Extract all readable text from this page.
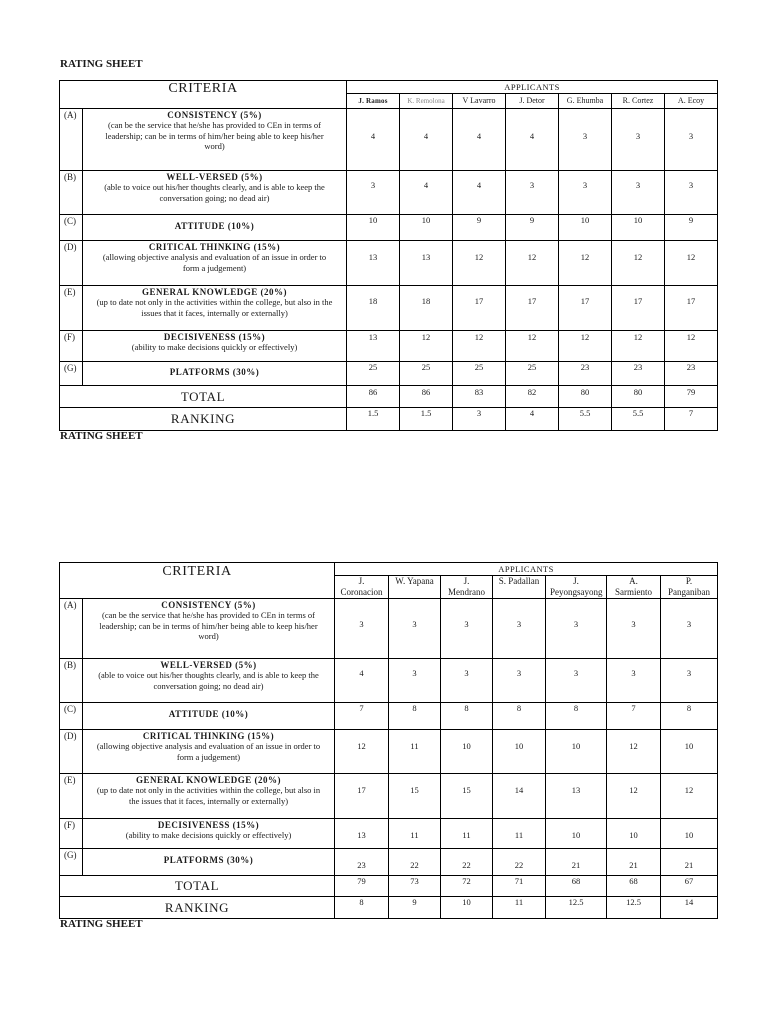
RATING SHEET
CRITERIA		APPLICANTS						
		J. Ramos	K. Remolona	V Lavarro	J. Detor	G. Ehumba	R. Cortez	A. Ecoy
(A)	CONSISTENCY (5%)
(can be the service that he/she has provided to CEn in terms of leadership; can be in terms of him/her being able to keep his/her word)	4	4	4	4	3	3	3
(B)	WELL-VERSED (5%)
(able to voice out his/her thoughts clearly, and is able to keep the conversation going; no dead air)	3	4	4	3	3	3	3
(C)	ATTITUDE (10%)	10	10	9	9	10	10	9
(D)	CRITICAL THINKING (15%)
(allowing objective analysis and evaluation of an issue in order to form a judgement)	13	13	12	12	12	12	12
(E)	GENERAL KNOWLEDGE (20%)
(up to date not only in the activities within the college, but also in the issues that it faces, internally or externally)	18	18	17	17	17	17	17
(F)	DECISIVENESS (15%)
(ability to make decisions quickly or effectively)	13	12	12	12	12	12	12
(G)	PLATFORMS (30%)	25	25	25	25	23	23	23
TOTAL		86	86	83	82	80	80	79
RANKING		1.5	1.5	3	4	5.5	5.5	7
RATING SHEET
CRITERIA		APPLICANTS						
		J. Coronacion	W. Yapana	J. Mendrano	S. Padallan	J. Peyongsayong	A. Sarmiento	P. Panganiban
(A)	CONSISTENCY (5%)
(can be the service that he/she has provided to CEn in terms of leadership; can be in terms of him/her being able to keep his/her word)	3	3	3	3	3	3	3
(B)	WELL-VERSED (5%)
(able to voice out his/her thoughts clearly, and is able to keep the conversation going; no dead air)	4	3	3	3	3	3	3
(C)	ATTITUDE (10%)	7	8	8	8	8	7	8
(D)	CRITICAL THINKING (15%)
(allowing objective analysis and evaluation of an issue in order to form a judgement)	12	11	10	10	10	12	10
(E)	GENERAL KNOWLEDGE (20%)
(up to date not only in the activities within the college, but also in the issues that it faces, internally or externally)	17	15	15	14	13	12	12
(F)	DECISIVENESS (15%)
(ability to make decisions quickly or effectively)	13	11	11	11	10	10	10
(G)	PLATFORMS (30%)	23	22	22	22	21	21	21
TOTAL		79	73	72	71	68	68	67
RANKING		8	9	10	11	12.5	12.5	14
RATING SHEET
